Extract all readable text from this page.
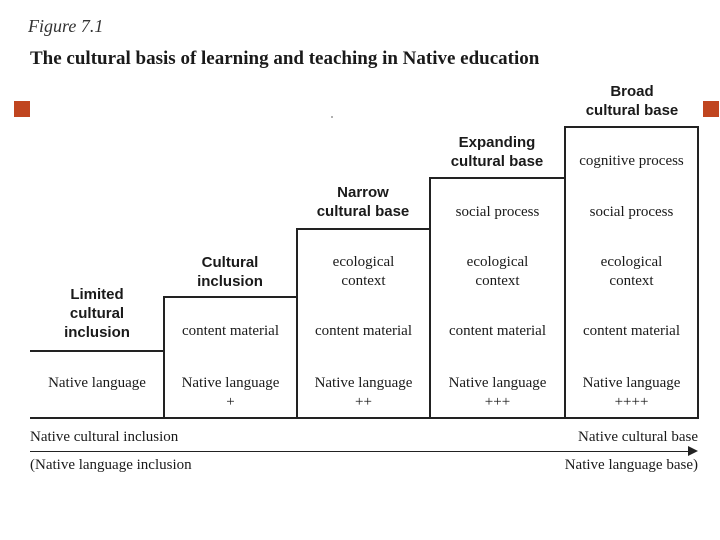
Figure 7.1
The cultural basis of learning and teaching in Native education
Limited
cultural
inclusion
Cultural
inclusion
Narrow
cultural base
Expanding
cultural base
Broad
cultural base
Native language
content material
Native language
+
ecological
context
content material
Native language
++
social process
ecological
context
content material
Native language
+++
cognitive process
social process
ecological
context
content material
Native language
++++
Native cultural inclusion	Native cultural base
(Native language inclusion	Native language base)
